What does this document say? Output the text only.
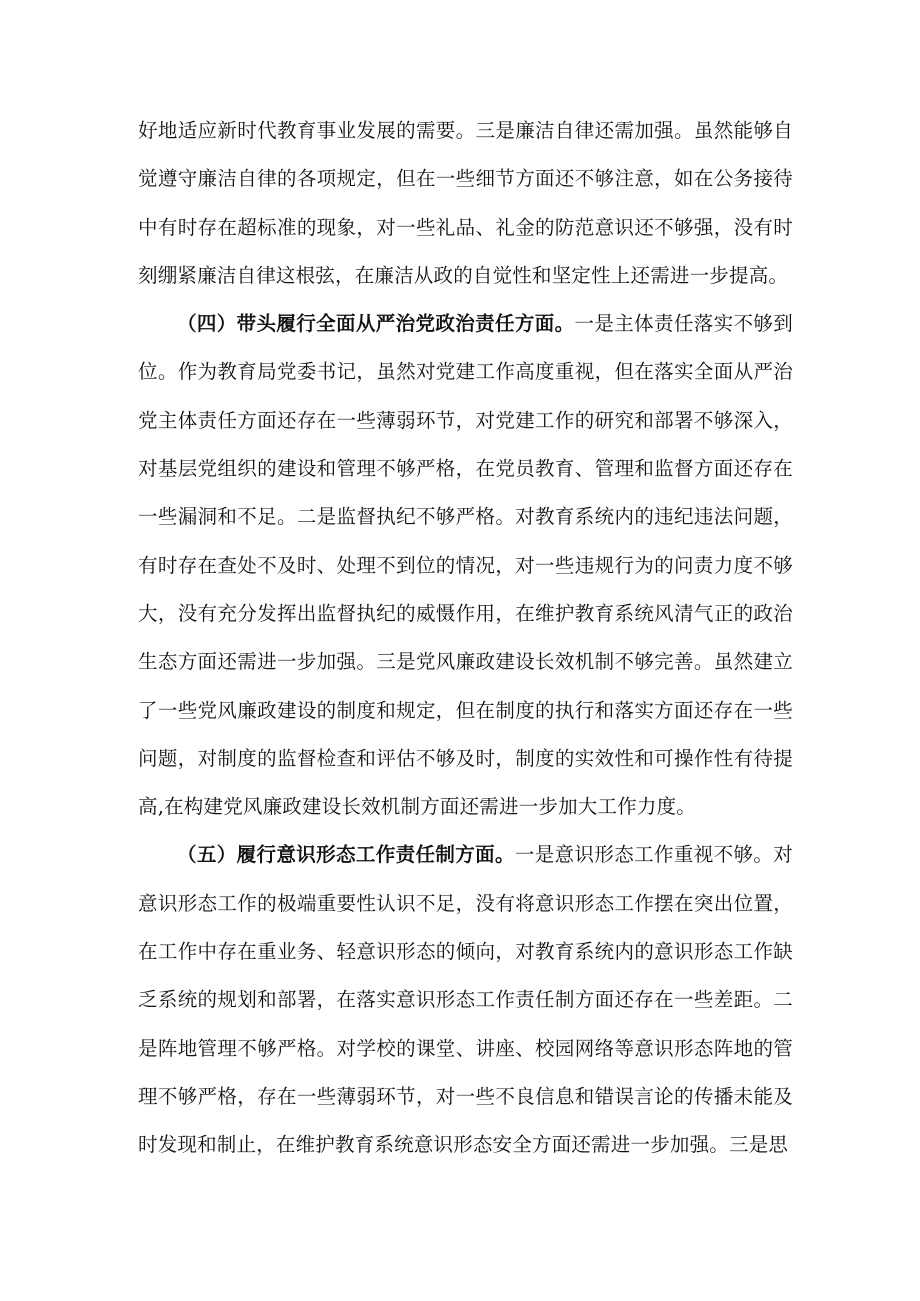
好地适应新时代教育事业发展的需要。三是廉洁自律还需加强。虽然能够自觉遵守廉洁自律的各项规定，但在一些细节方面还不够注意，如在公务接待中有时存在超标准的现象，对一些礼品、礼金的防范意识还不够强，没有时刻绷紧廉洁自律这根弦，在廉洁从政的自觉性和坚定性上还需进一步提高。

（四）带头履行全面从严治党政治责任方面。一是主体责任落实不够到位。作为教育局党委书记，虽然对党建工作高度重视，但在落实全面从严治党主体责任方面还存在一些薄弱环节，对党建工作的研究和部署不够深入，对基层党组织的建设和管理不够严格，在党员教育、管理和监督方面还存在一些漏洞和不足。二是监督执纪不够严格。对教育系统内的违纪违法问题，有时存在查处不及时、处理不到位的情况，对一些违规行为的问责力度不够大，没有充分发挥出监督执纪的威慑作用，在维护教育系统风清气正的政治生态方面还需进一步加强。三是党风廉政建设长效机制不够完善。虽然建立了一些党风廉政建设的制度和规定，但在制度的执行和落实方面还存在一些问题，对制度的监督检查和评估不够及时，制度的实效性和可操作性有待提高,在构建党风廉政建设长效机制方面还需进一步加大工作力度。

（五）履行意识形态工作责任制方面。一是意识形态工作重视不够。对意识形态工作的极端重要性认识不足，没有将意识形态工作摆在突出位置，在工作中存在重业务、轻意识形态的倾向，对教育系统内的意识形态工作缺乏系统的规划和部署，在落实意识形态工作责任制方面还存在一些差距。二是阵地管理不够严格。对学校的课堂、讲座、校园网络等意识形态阵地的管理不够严格，存在一些薄弱环节，对一些不良信息和错误言论的传播未能及时发现和制止，在维护教育系统意识形态安全方面还需进一步加强。三是思
